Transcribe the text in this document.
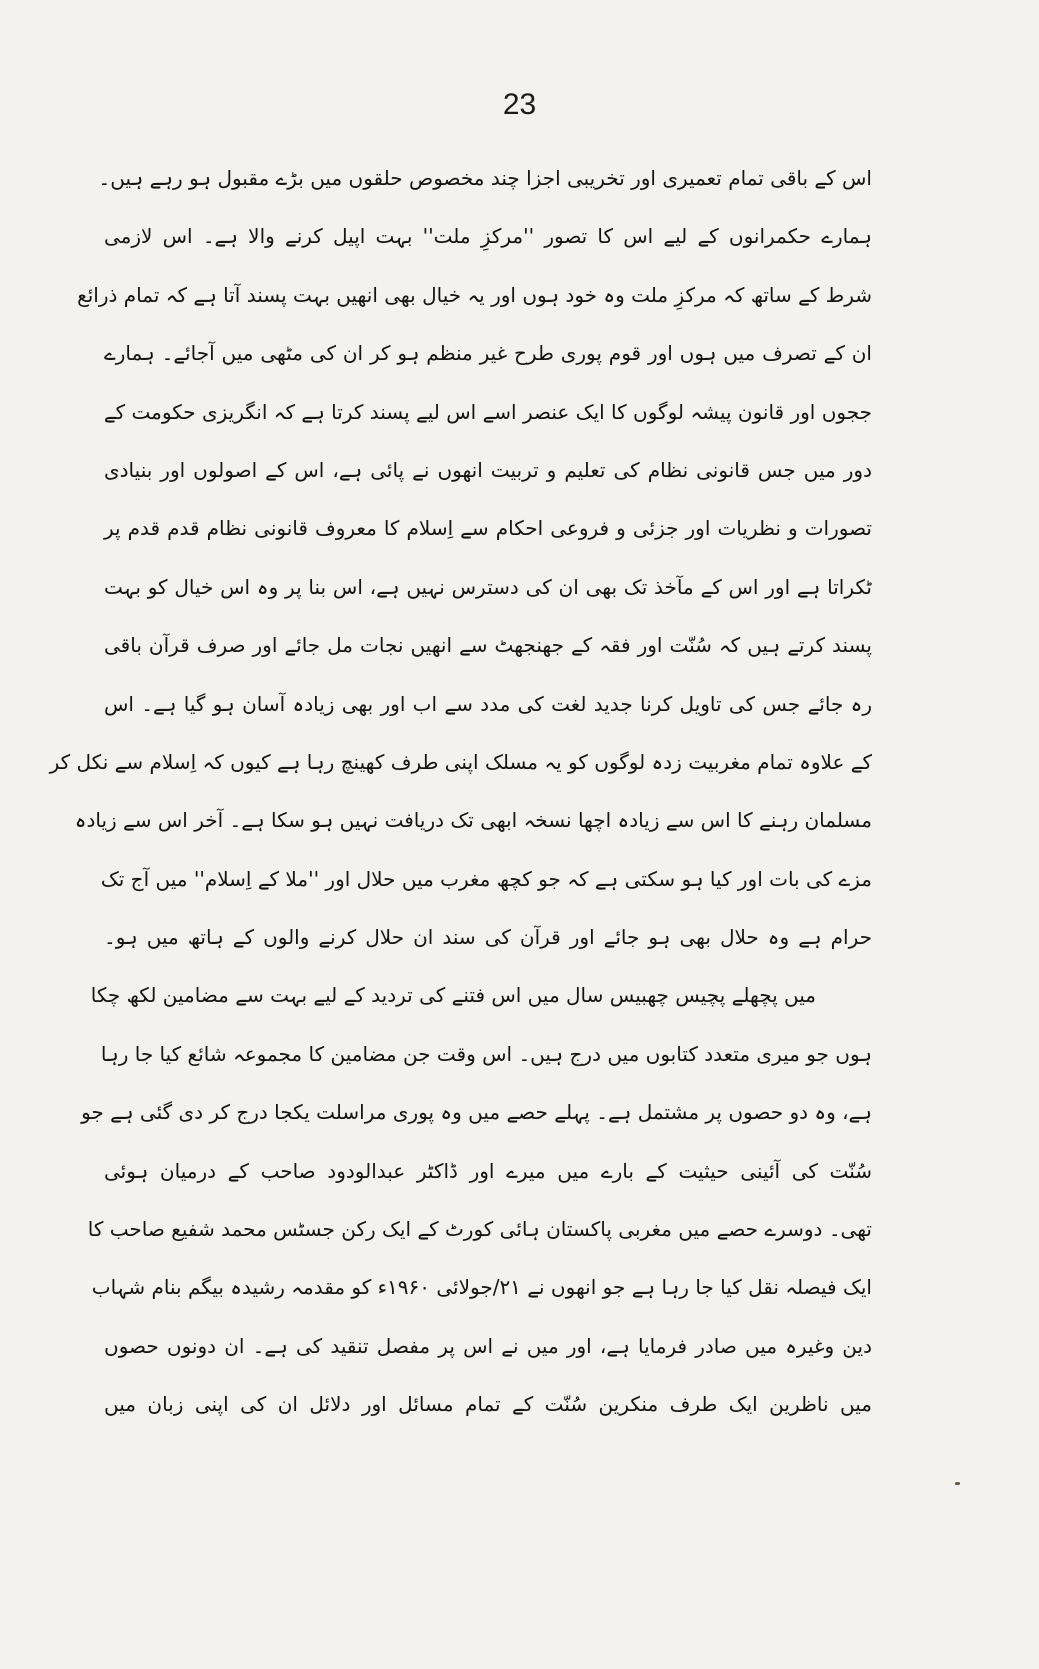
23
اس کے باقی تمام تعمیری اور تخریبی اجزا چند مخصوص حلقوں میں بڑے مقبول ہو رہے ہیں۔
ہمارے حکمرانوں کے لیے اس کا تصور ''مرکزِ ملت'' بہت اپیل کرنے والا ہے۔ اس لازمی
شرط کے ساتھ کہ مرکزِ ملت وہ خود ہوں اور یہ خیال بھی انھیں بہت پسند آتا ہے کہ تمام ذرائع
ان کے تصرف میں ہوں اور قوم پوری طرح غیر منظم ہو کر ان کی مٹھی میں آجائے۔ ہمارے
ججوں اور قانون پیشہ لوگوں کا ایک عنصر اسے اس لیے پسند کرتا ہے کہ انگریزی حکومت کے
دور میں جس قانونی نظام کی تعلیم و تربیت انھوں نے پائی ہے، اس کے اصولوں اور بنیادی
تصورات و نظریات اور جزئی و فروعی احکام سے اِسلام کا معروف قانونی نظام قدم قدم پر
ٹکراتا ہے اور اس کے مآخذ تک بھی ان کی دسترس نہیں ہے، اس بنا پر وہ اس خیال کو بہت
پسند کرتے ہیں کہ سُنّت اور فقہ کے جھنجھٹ سے انھیں نجات مل جائے اور صرف قرآن باقی
رہ جائے جس کی تاویل کرنا جدید لغت کی مدد سے اب اور بھی زیادہ آسان ہو گیا ہے۔ اس
کے علاوہ تمام مغربیت زدہ لوگوں کو یہ مسلک اپنی طرف کھینچ رہا ہے کیوں کہ اِسلام سے نکل کر
مسلمان رہنے کا اس سے زیادہ اچھا نسخہ ابھی تک دریافت نہیں ہو سکا ہے۔ آخر اس سے زیادہ
مزے کی بات اور کیا ہو سکتی ہے کہ جو کچھ مغرب میں حلال اور ''ملا کے اِسلام'' میں آج تک
حرام ہے وہ حلال بھی ہو جائے اور قرآن کی سند ان حلال کرنے والوں کے ہاتھ میں ہو۔
میں پچھلے پچیس چھبیس سال میں اس فتنے کی تردید کے لیے بہت سے مضامین لکھ چکا
ہوں جو میری متعدد کتابوں میں درج ہیں۔ اس وقت جن مضامین کا مجموعہ شائع کیا جا رہا
ہے، وہ دو حصوں پر مشتمل ہے۔ پہلے حصے میں وہ پوری مراسلت یکجا درج کر دی گئی ہے جو
سُنّت کی آئینی حیثیت کے بارے میں میرے اور ڈاکٹر عبدالودود صاحب کے درمیان ہوئی
تھی۔ دوسرے حصے میں مغربی پاکستان ہائی کورٹ کے ایک رکن جسٹس محمد شفیع صاحب کا
ایک فیصلہ نقل کیا جا رہا ہے جو انھوں نے ۲۱/جولائی ۱۹۶۰ء کو مقدمہ رشیدہ بیگم بنام شہاب
دین وغیرہ میں صادر فرمایا ہے، اور میں نے اس پر مفصل تنقید کی ہے۔ ان دونوں حصوں
میں ناظرین ایک طرف منکرین سُنّت کے تمام مسائل اور دلائل ان کی اپنی زبان میں
